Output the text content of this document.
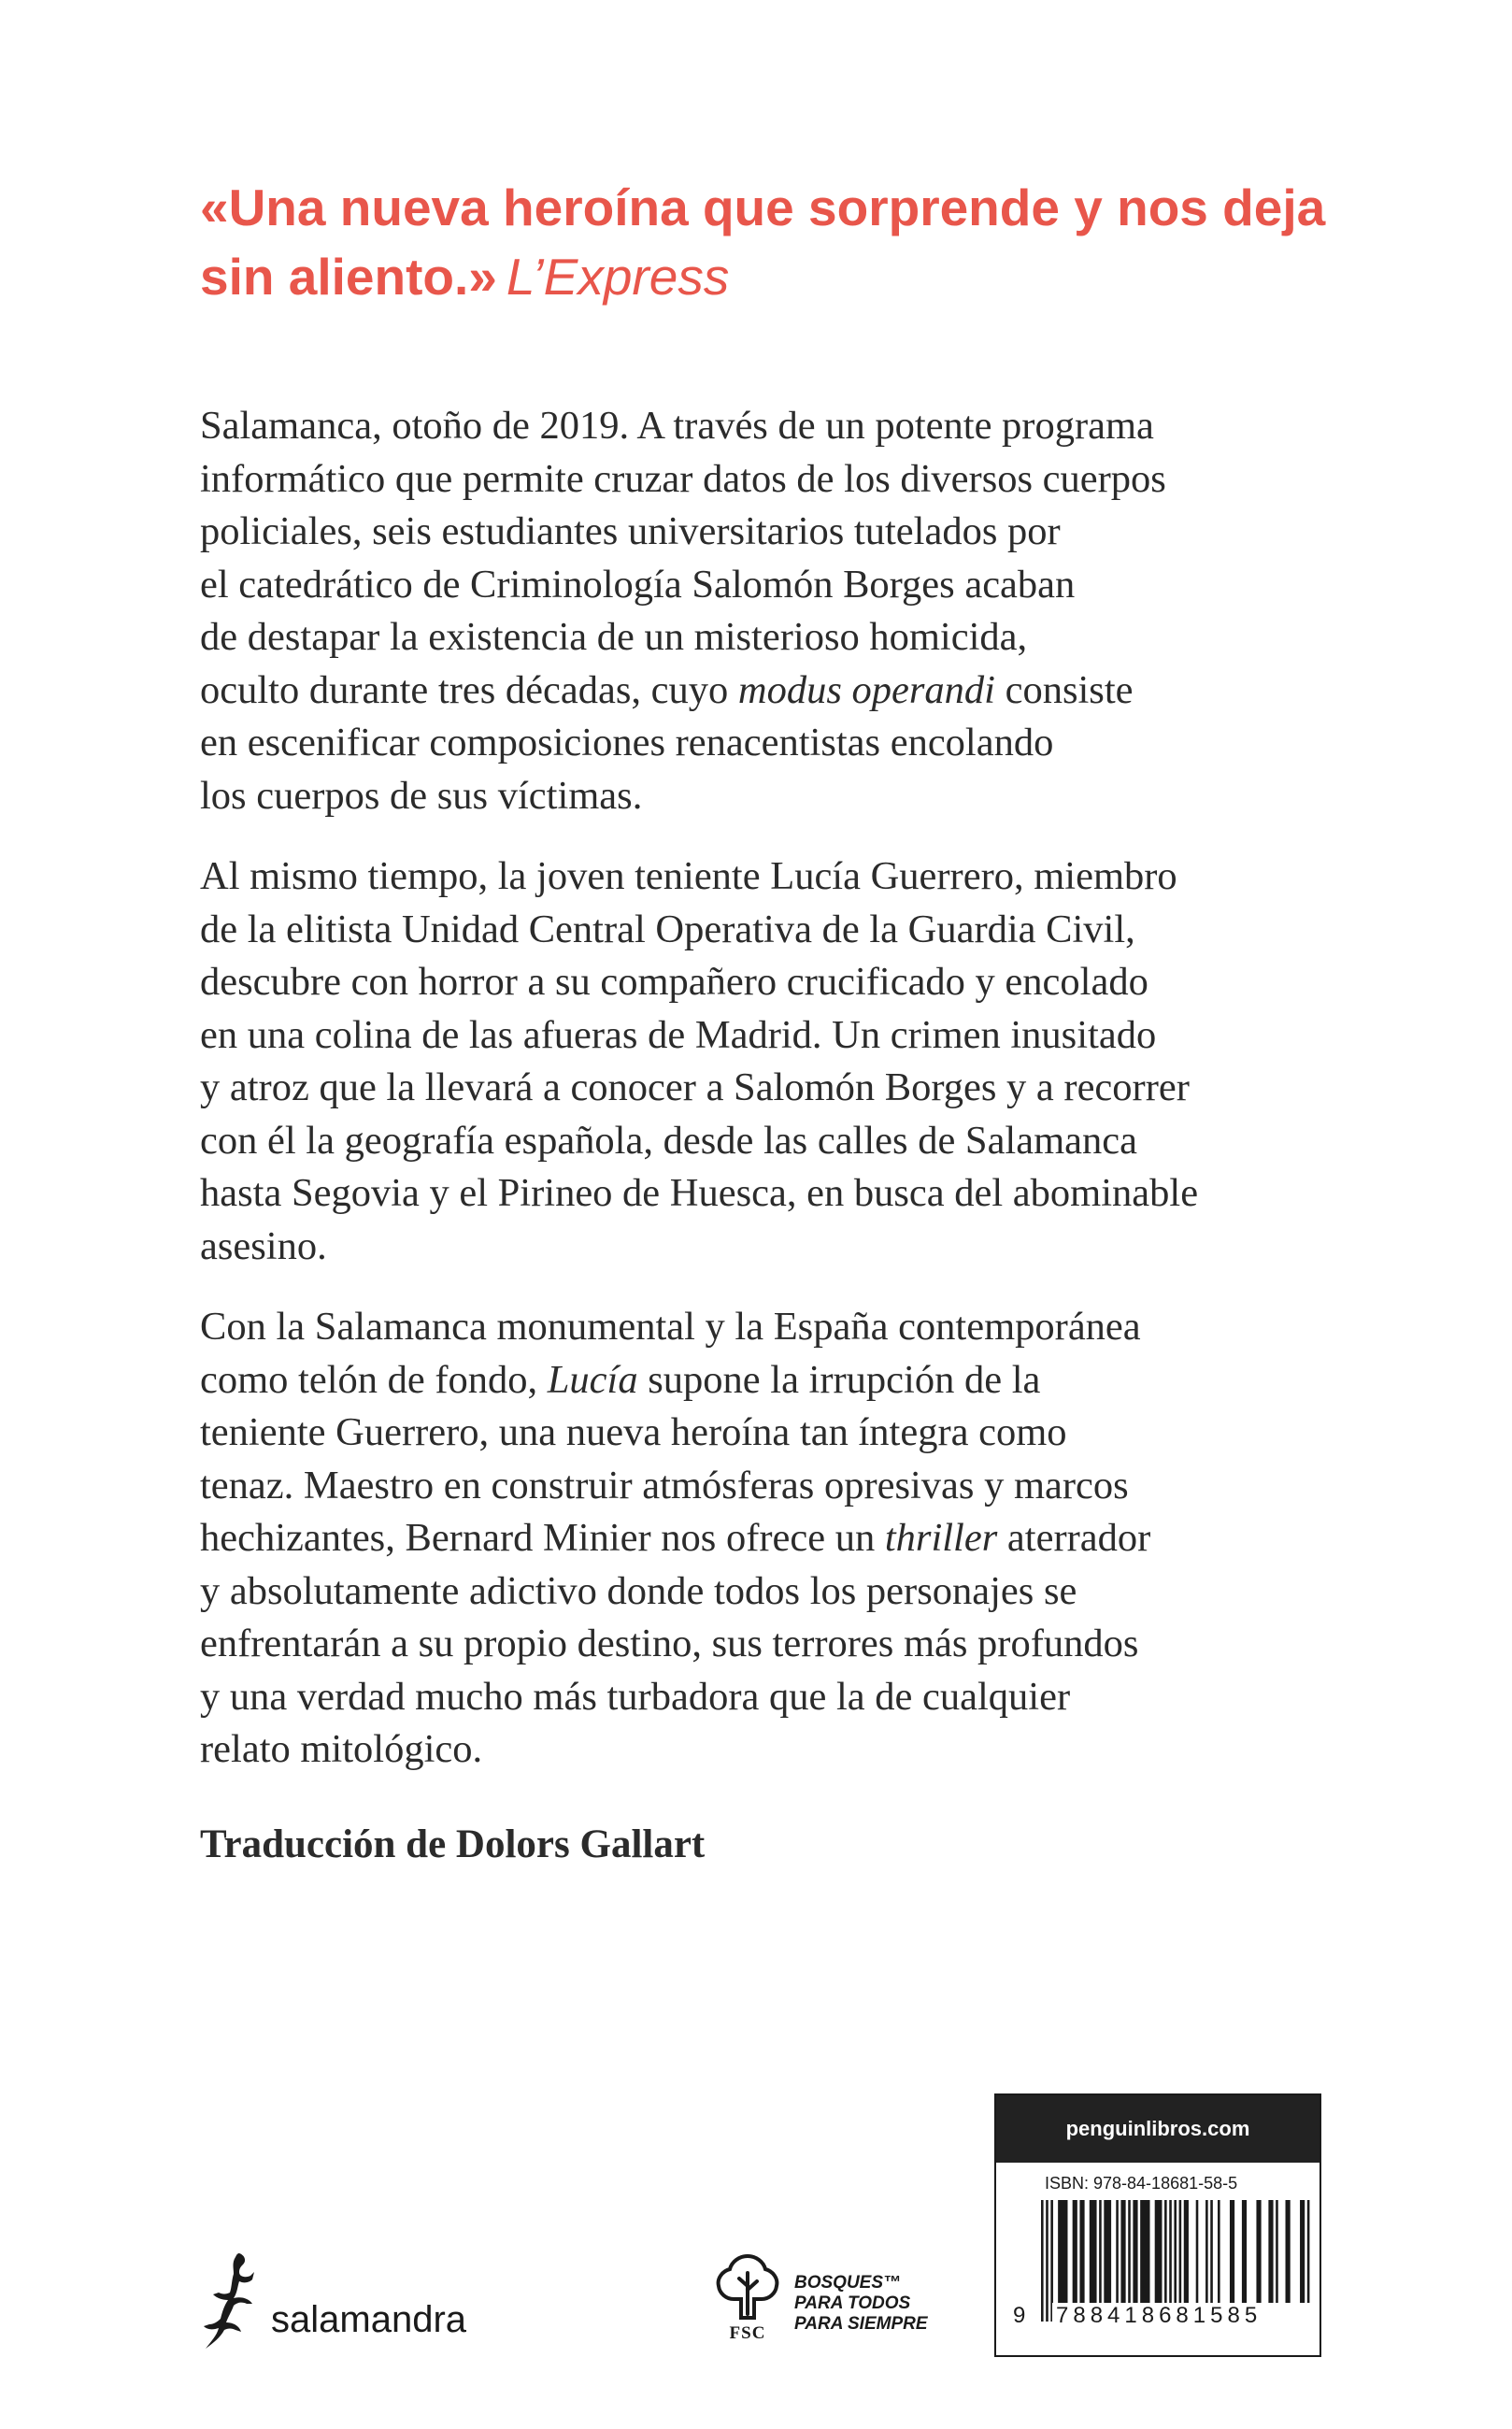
«Una nueva heroína que sorprende y nos deja
sin aliento.» L’Express

Salamanca, otoño de 2019. A través de un potente programa
informático que permite cruzar datos de los diversos cuerpos
policiales, seis estudiantes universitarios tutelados por
el catedrático de Criminología Salomón Borges acaban
de destapar la existencia de un misterioso homicida,
oculto durante tres décadas, cuyo modus operandi consiste
en escenificar composiciones renacentistas encolando
los cuerpos de sus víctimas.

Al mismo tiempo, la joven teniente Lucía Guerrero, miembro
de la elitista Unidad Central Operativa de la Guardia Civil,
descubre con horror a su compañero crucificado y encolado
en una colina de las afueras de Madrid. Un crimen inusitado
y atroz que la llevará a conocer a Salomón Borges y a recorrer
con él la geografía española, desde las calles de Salamanca
hasta Segovia y el Pirineo de Huesca, en busca del abominable
asesino.

Con la Salamanca monumental y la España contemporánea
como telón de fondo, Lucía supone la irrupción de la
teniente Guerrero, una nueva heroína tan íntegra como
tenaz. Maestro en construir atmósferas opresivas y marcos
hechizantes, Bernard Minier nos ofrece un thriller aterrador
y absolutamente adictivo donde todos los personajes se
enfrentarán a su propio destino, sus terrores más profundos
y una verdad mucho más turbadora que la de cualquier
relato mitológico.

Traducción de Dolors Gallart
salamandra	FSC
BOSQUES™
PARA TODOS
PARA SIEMPRE
penguinlibros.com
ISBN: 978-84-18681-58-5
9 788418681585
